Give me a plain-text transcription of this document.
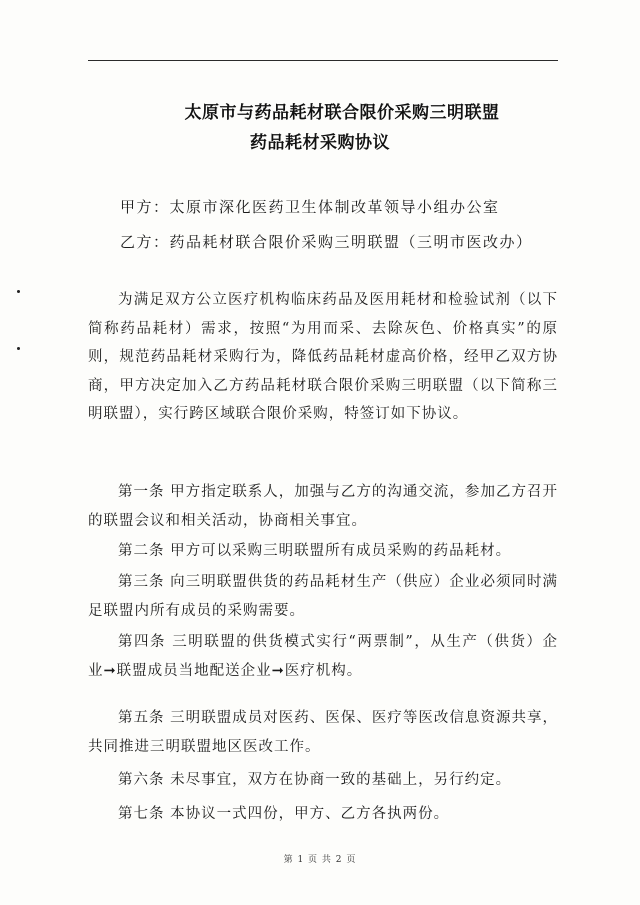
太原市与药品耗材联合限价采购三明联盟
药品耗材采购协议
甲方：太原市深化医药卫生体制改革领导小组办公室
乙方：药品耗材联合限价采购三明联盟（三明市医改办）
为满足双方公立医疗机构临床药品及医用耗材和检验试剂（以下简称药品耗材）需求，按照“为用而采、去除灰色、价格真实”的原则，规范药品耗材采购行为，降低药品耗材虚高价格，经甲乙双方协商，甲方决定加入乙方药品耗材联合限价采购三明联盟（以下简称三明联盟），实行跨区域联合限价采购，特签订如下协议。
第一条 甲方指定联系人，加强与乙方的沟通交流，参加乙方召开的联盟会议和相关活动，协商相关事宜。
第二条 甲方可以采购三明联盟所有成员采购的药品耗材。
第三条 向三明联盟供货的药品耗材生产（供应）企业必须同时满足联盟内所有成员的采购需要。
第四条 三明联盟的供货模式实行“两票制”，从生产（供货）企业➞联盟成员当地配送企业➞医疗机构。
第五条 三明联盟成员对医药、医保、医疗等医改信息资源共享，共同推进三明联盟地区医改工作。
第六条 未尽事宜，双方在协商一致的基础上，另行约定。
第七条 本协议一式四份，甲方、乙方各执两份。
第 1 页 共 2 页
